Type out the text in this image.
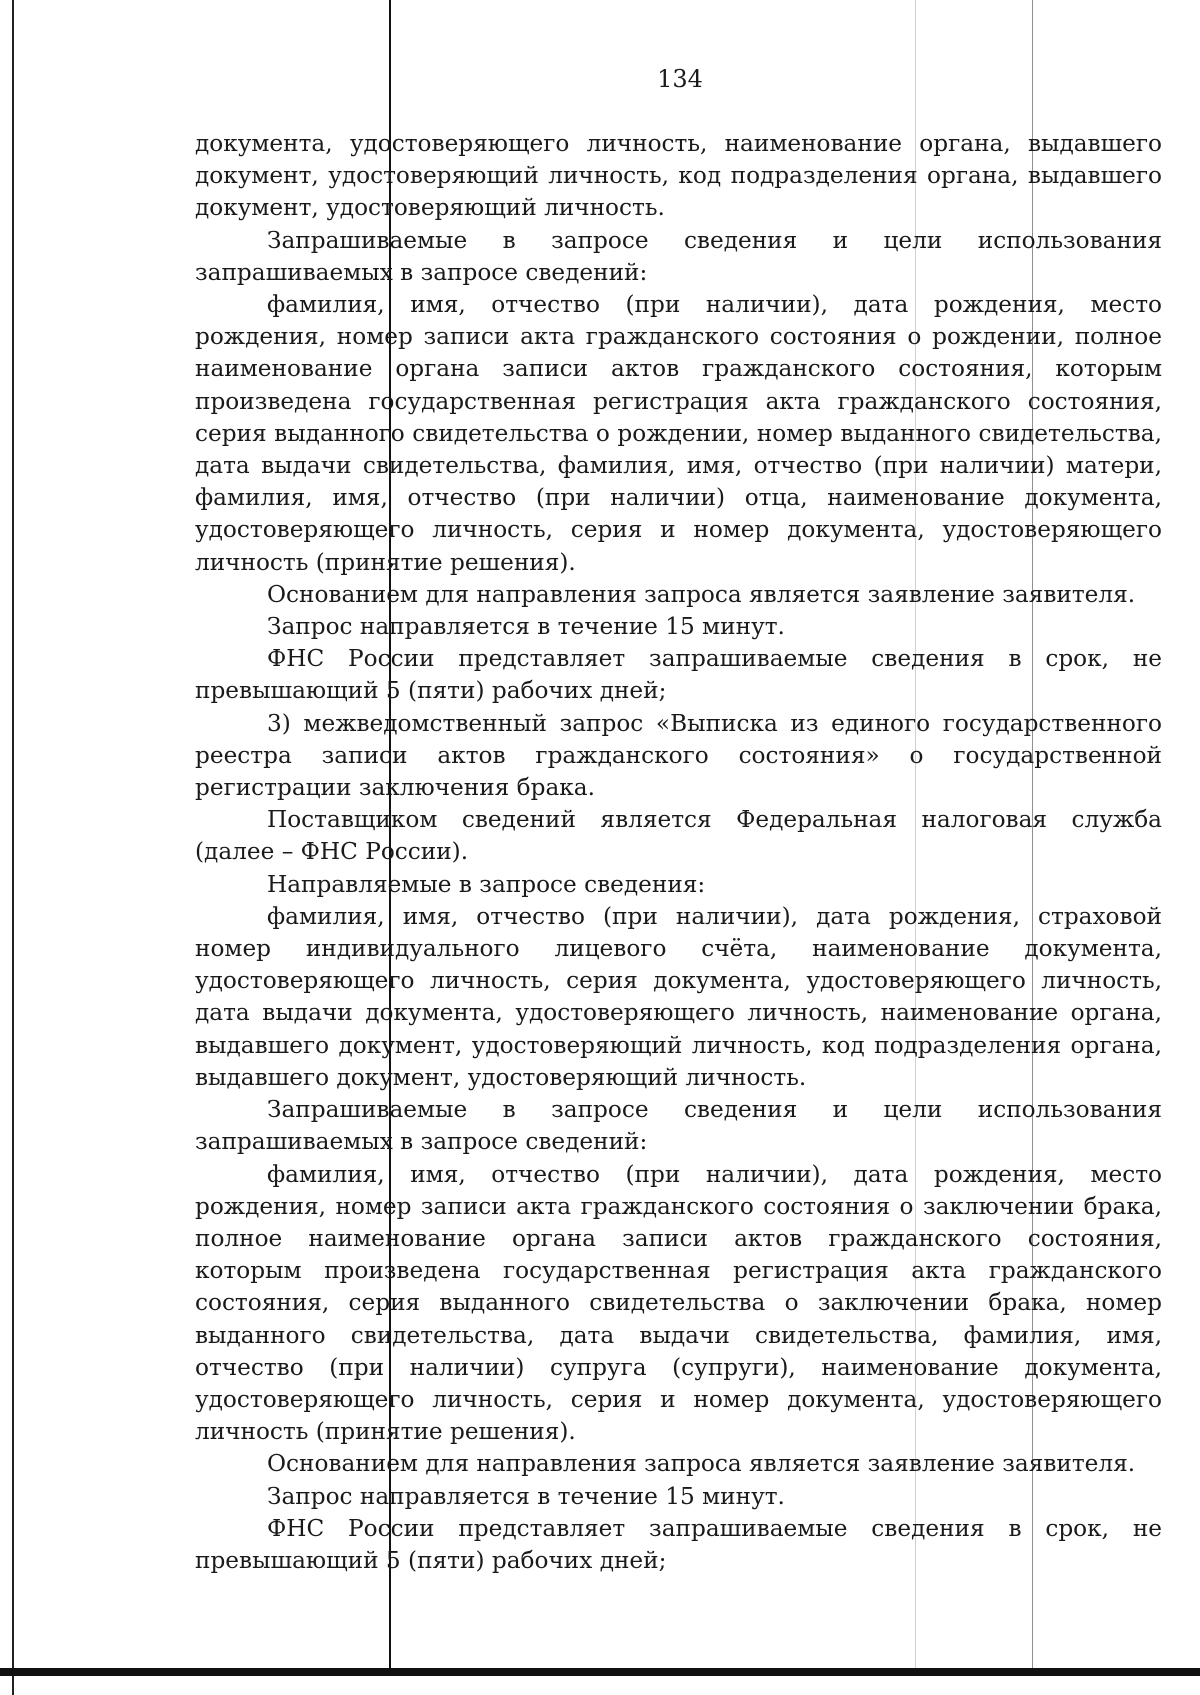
134

документа, удостоверяющего личность, наименование органа, выдавшего документ, удостоверяющий личность, код подразделения органа, выдавшего документ, удостоверяющий личность.

Запрашиваемые в запросе сведения и цели использования запрашиваемых в запросе сведений:

фамилия, имя, отчество (при наличии), дата рождения, место рождения, номер записи акта гражданского состояния о рождении, полное наименование органа записи актов гражданского состояния, которым произведена государственная регистрация акта гражданского состояния, серия выданного свидетельства о рождении, номер выданного свидетельства, дата выдачи свидетельства, фамилия, имя, отчество (при наличии) матери, фамилия, имя, отчество (при наличии) отца, наименование документа, удостоверяющего личность, серия и номер документа, удостоверяющего личность (принятие решения).

Основанием для направления запроса является заявление заявителя.

Запрос направляется в течение 15 минут.

ФНС России представляет запрашиваемые сведения в срок, не превышающий 5 (пяти) рабочих дней;

3) межведомственный запрос «Выписка из единого государственного реестра записи актов гражданского состояния» о государственной регистрации заключения брака.

Поставщиком сведений является Федеральная налоговая служба (далее – ФНС России).

Направляемые в запросе сведения:

фамилия, имя, отчество (при наличии), дата рождения, страховой номер индивидуального лицевого счёта, наименование документа, удостоверяющего личность, серия документа, удостоверяющего личность, дата выдачи документа, удостоверяющего личность, наименование органа, выдавшего документ, удостоверяющий личность, код подразделения органа, выдавшего документ, удостоверяющий личность.

Запрашиваемые в запросе сведения и цели использования запрашиваемых в запросе сведений:

фамилия, имя, отчество (при наличии), дата рождения, место рождения, номер записи акта гражданского состояния о заключении брака, полное наименование органа записи актов гражданского состояния, которым произведена государственная регистрация акта гражданского состояния, серия выданного свидетельства о заключении брака, номер выданного свидетельства, дата выдачи свидетельства, фамилия, имя, отчество (при наличии) супруга (супруги), наименование документа, удостоверяющего личность, серия и номер документа, удостоверяющего личность (принятие решения).

Основанием для направления запроса является заявление заявителя.

Запрос направляется в течение 15 минут.

ФНС России представляет запрашиваемые сведения в срок, не превышающий 5 (пяти) рабочих дней;
